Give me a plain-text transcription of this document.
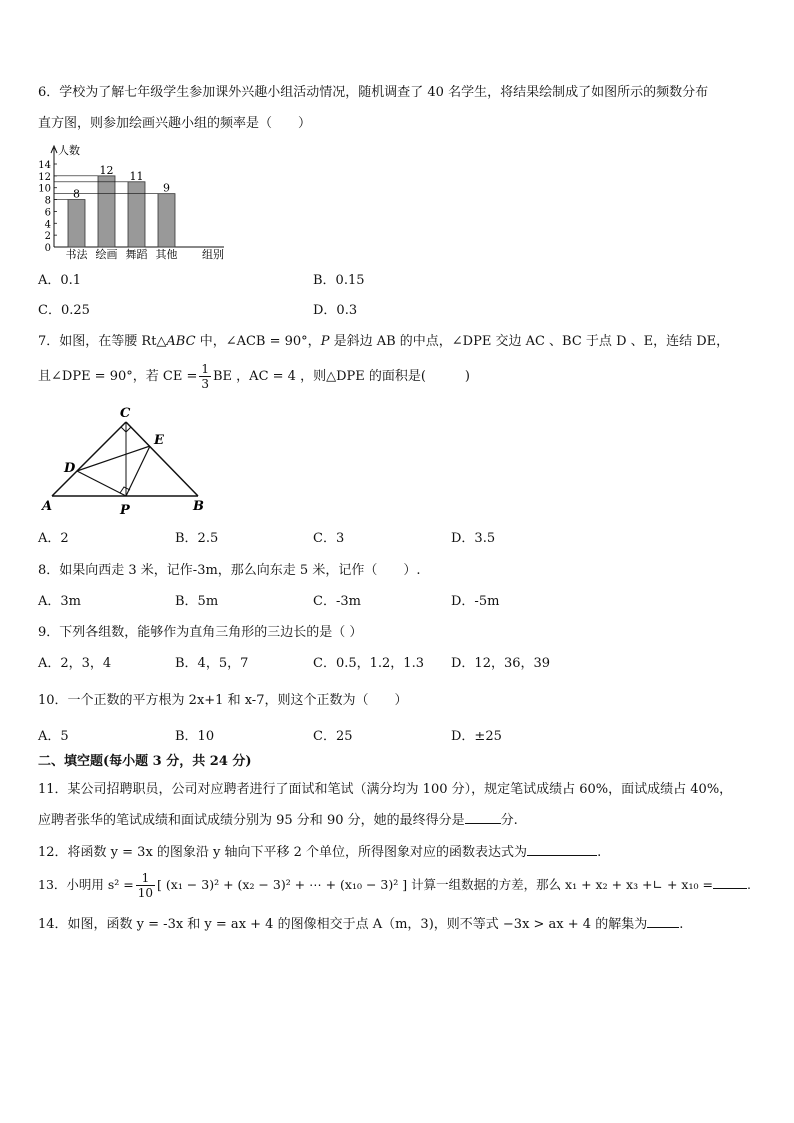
6．学校为了解七年级学生参加课外兴趣小组活动情况，随机调查了 40 名学生，将结果绘制成了如图所示的频数分布
直方图，则参加绘画兴趣小组的频率是（　　）
0
2
4
6
8
10
12
14
人数
组别
8
书法
12
绘画
11
舞蹈
9
其他
A．0.1	B．0.15
C．0.25	D．0.3
7．如图，在等腰 Rt△ABC 中，∠ACB = 90°，P 是斜边 AB 的中点，∠DPE 交边 AC 、BC 于点 D 、E，连结 DE，
且∠DPE = 90°，若 CE = $\frac{1}{3}$ BE ，AC = 4 ，则△DPE 的面积是(　　　)
C
E
D
A	P	B
A．2	B．2.5	C．3	D．3.5
8．如果向西走 3 米，记作-3m，那么向东走 5 米，记作（　　）.
A．3m	B．5m	C．-3m	D．-5m
9．下列各组数，能够作为直角三角形的三边长的是（ ）
A．2，3，4	B．4，5，7	C．0.5，1.2，1.3 D．12，36，39
10．一个正数的平方根为 2x+1 和 x-7，则这个正数为（　　）
A．5	B．10	C．25	D．±25
二、填空题(每小题 3 分，共 24 分)
11．某公司招聘职员，公司对应聘者进行了面试和笔试（满分均为 100 分），规定笔试成绩占 60%，面试成绩占 40%，
应聘者张华的笔试成绩和面试成绩分别为 95 分和 90 分，她的最终得分是	分.
12．将函数 y = 3x 的图象沿 y 轴向下平移 2 个单位，所得图象对应的函数表达式为	.
13．小明用 $s^2 = \frac{1}{10}$ [ (x₁ − 3)² + (x₂ − 3)² + ⋯ + (x₁₀ − 3)² ] 计算一组数据的方差，那么 x₁ + x₂ + x₃ +∟ + x₁₀ =	.
14．如图，函数 y = -3x 和 y = ax + 4 的图像相交于点 A（m，3)，则不等式 −3x > ax + 4 的解集为 .
